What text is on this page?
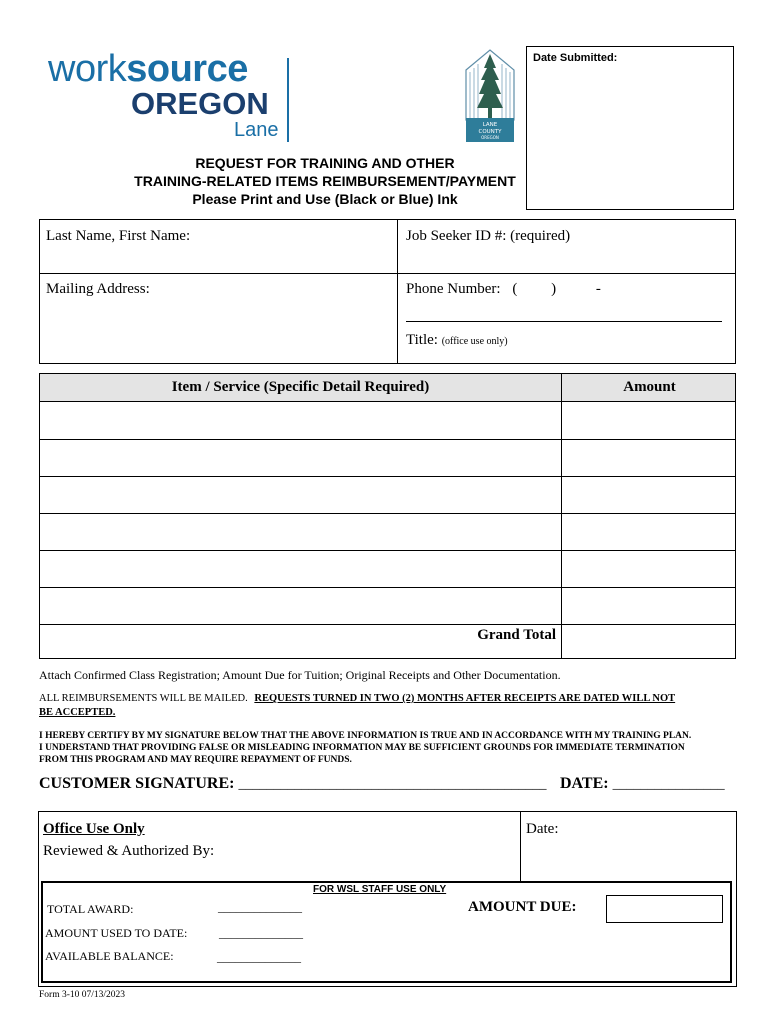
worksource
OREGON
Lane	LANE
COUNTY
OREGON
Date Submitted:
REQUEST FOR TRAINING AND OTHER
TRAINING-RELATED ITEMS REIMBURSEMENT/PAYMENT
Please Print and Use (Black or Blue) Ink
Last Name, First Name:	Job Seeker ID #: (required)
Mailing Address:	Phone Number: ( )	-
Title: (office use only)
Item / Service (Specific Detail Required)	Amount
Grand Total
Attach Confirmed Class Registration; Amount Due for Tuition; Original Receipts and Other Documentation.
ALL REIMBURSEMENTS WILL BE MAILED. REQUESTS TURNED IN TWO (2) MONTHS AFTER RECEIPTS ARE DATED WILL NOT
BE ACCEPTED.
I HEREBY CERTIFY BY MY SIGNATURE BELOW THAT THE ABOVE INFORMATION IS TRUE AND IN ACCORDANCE WITH MY TRAINING PLAN.
I UNDERSTAND THAT PROVIDING FALSE OR MISLEADING INFORMATION MAY BE SUFFICIENT GROUNDS FOR IMMEDIATE TERMINATION
FROM THIS PROGRAM AND MAY REQUIRE REPAYMENT OF FUNDS.
CUSTOMER SIGNATURE: ____________________________________________ DATE: ________________
Office Use Only
Reviewed & Authorized By:
Date:
FOR WSL STAFF USE ONLY
TOTAL AWARD:	______________
AMOUNT USED TO DATE:	______________
AVAILABLE BALANCE:	______________
AMOUNT DUE:
Form 3-10 07/13/2023
